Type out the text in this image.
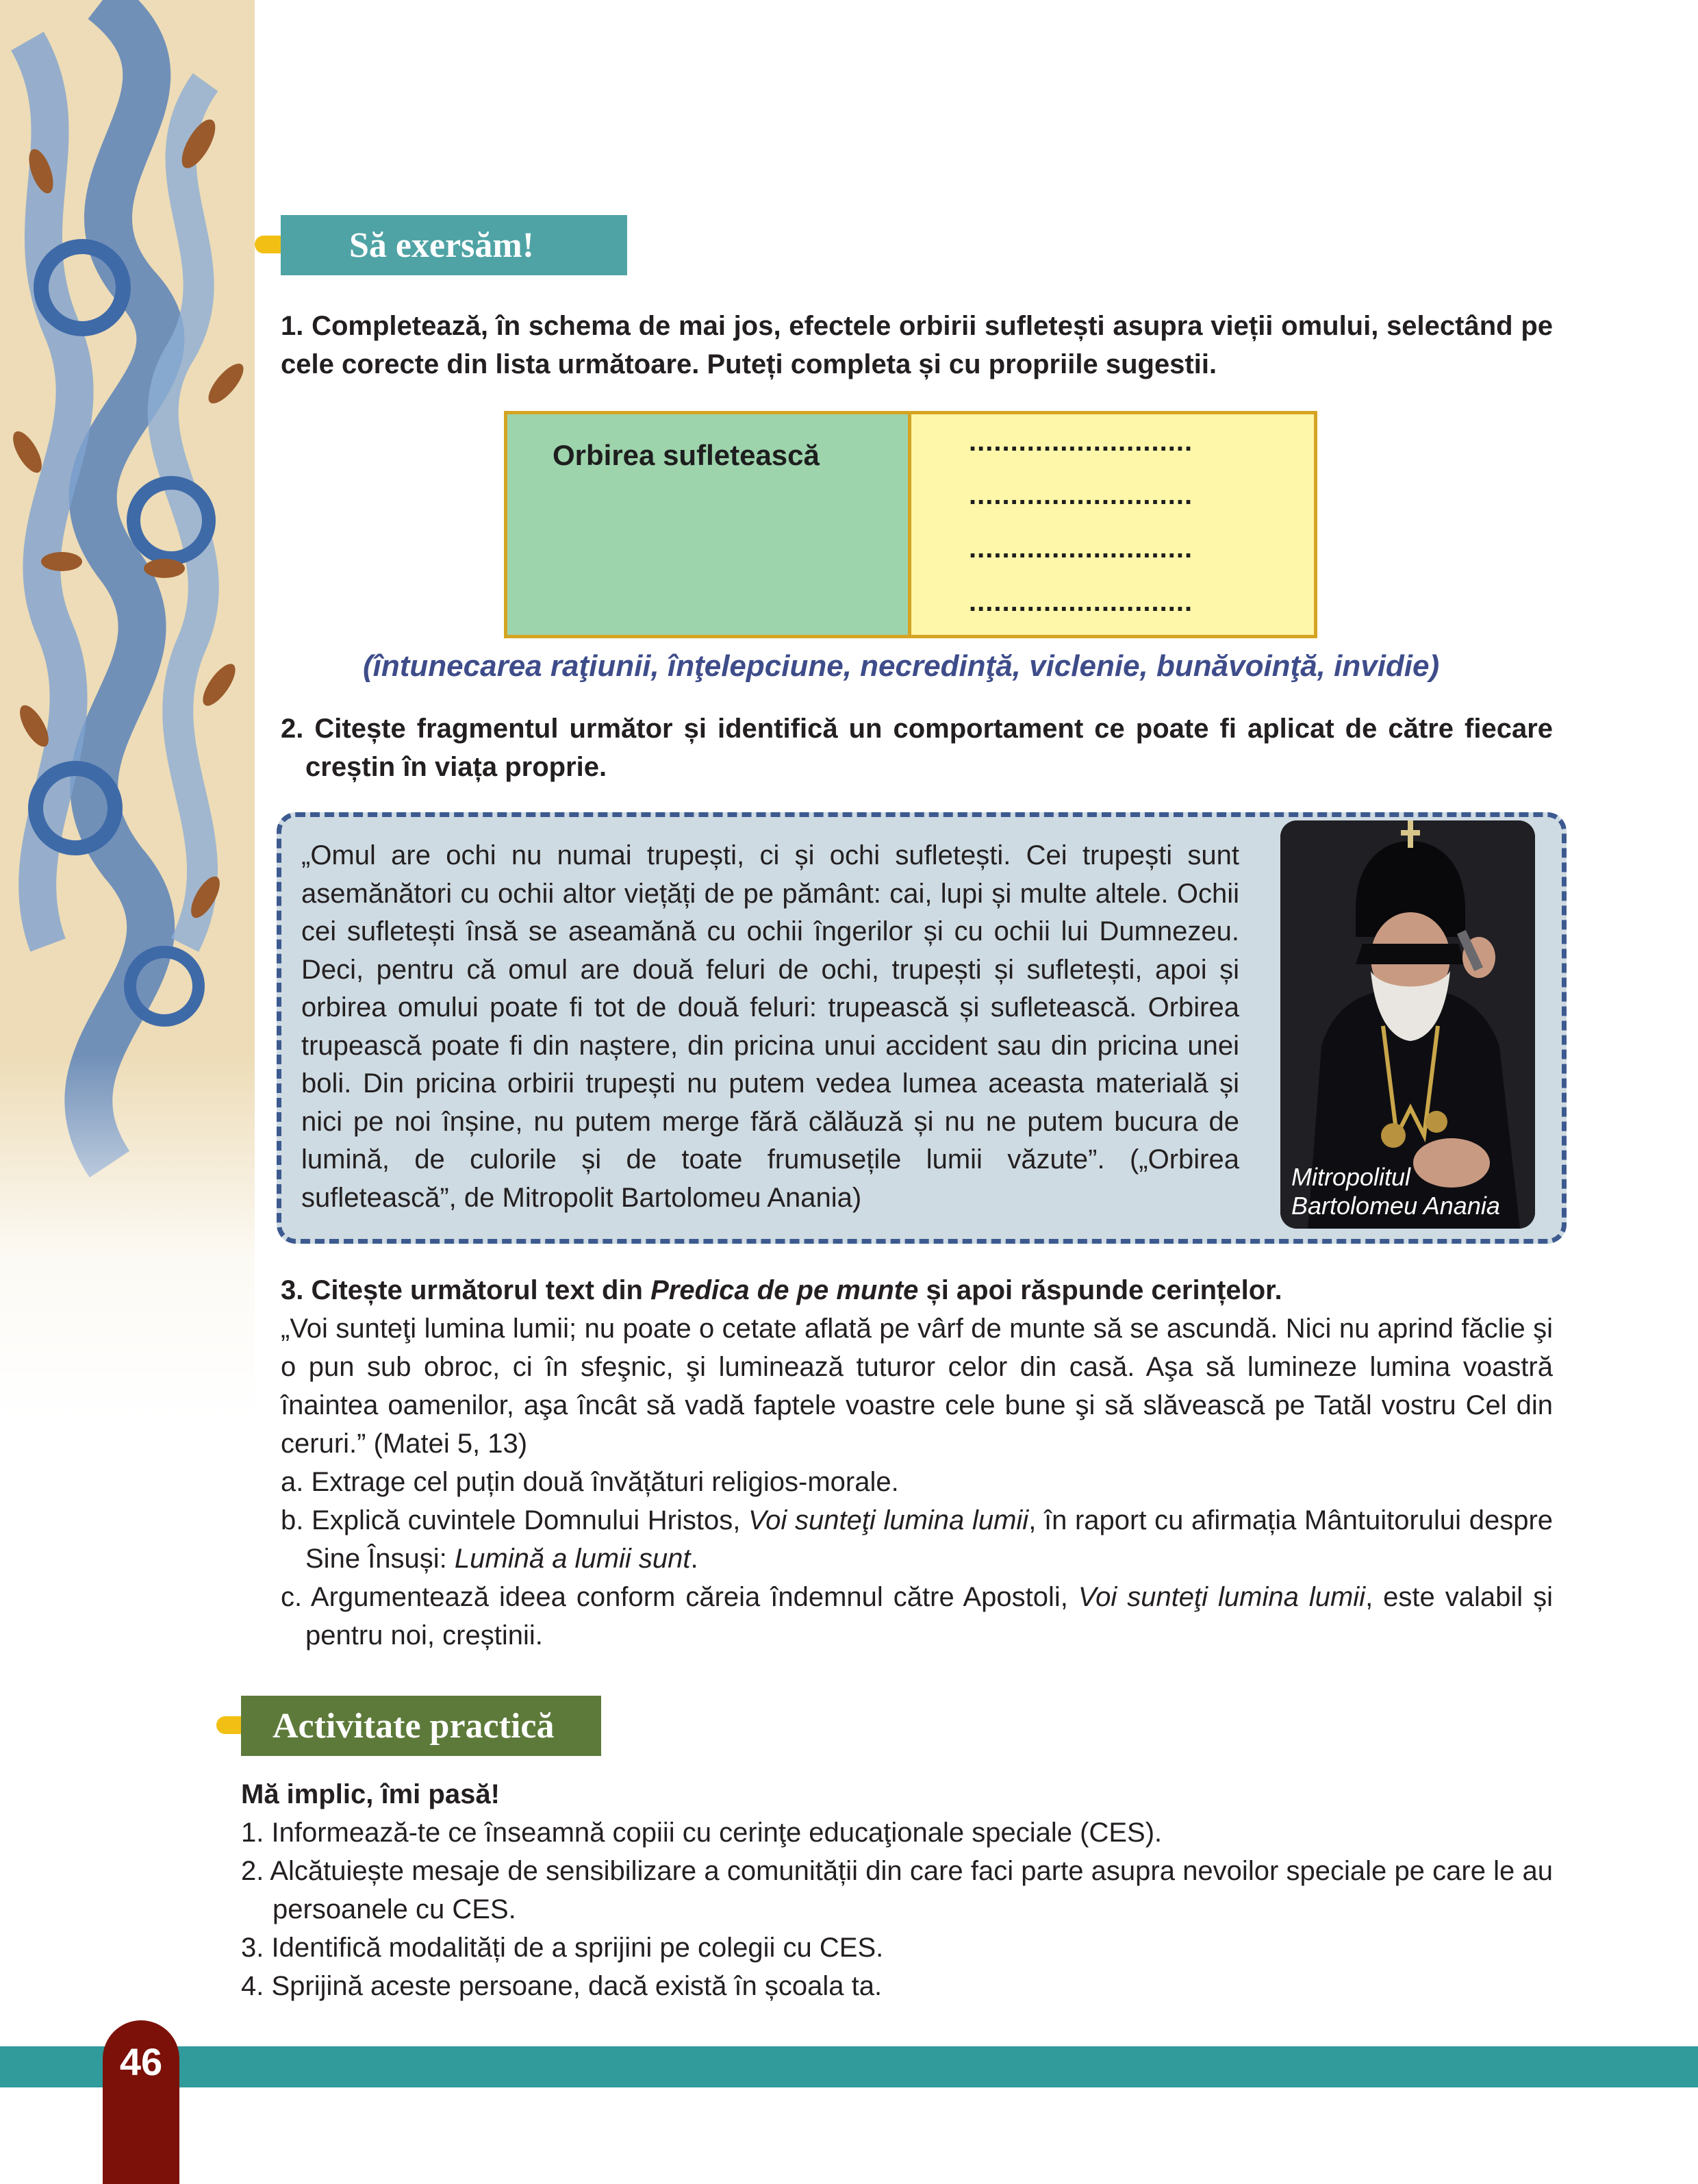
Să exersăm!
1. Completează, în schema de mai jos, efectele orbirii sufletești asupra vieții omului, selectând pe cele corecte din lista următoare. Puteți completa și cu propriile sugestii.
Orbirea sufletească	...........................
...........................
...........................
...........................
(întunecarea raţiunii, înţelepciune, necredinţă, viclenie, bunăvoinţă, invidie)
2. Citește fragmentul următor și identifică un comportament ce poate fi aplicat de către fiecare creștin în viața proprie.
„Omul are ochi nu numai trupești, ci și ochi sufletești. Cei trupești sunt asemănători cu ochii altor viețăți de pe pământ: cai, lupi și multe altele. Ochii cei sufletești însă se aseamănă cu ochii îngerilor și cu ochii lui Dumnezeu. Deci, pentru că omul are două feluri de ochi, trupești și sufletești, apoi și orbirea omului poate fi tot de două feluri: trupească și sufletească. Orbirea trupească poate fi din naștere, din pricina unui accident sau din pricina unei boli. Din pricina orbirii trupești nu putem vedea lumea aceasta materială și nici pe noi înșine, nu putem merge fără călăuză și nu ne putem bucura de lumină, de culorile și de toate frumusețile lumii văzute”. („Orbirea sufletească”, de Mitropolit Bartolomeu Anania)
Mitropolitul
Bartolomeu Anania
3. Citește următorul text din Predica de pe munte și apoi răspunde cerințelor.
„Voi sunteţi lumina lumii; nu poate o cetate aflată pe vârf de munte să se ascundă. Nici nu aprind făclie şi o pun sub obroc, ci în sfeşnic, şi luminează tuturor celor din casă. Aşa să lumineze lumina voastră înaintea oamenilor, aşa încât să vadă faptele voastre cele bune şi să slăvească pe Tatăl vostru Cel din ceruri.” (Matei 5, 13)
a. Extrage cel puțin două învățături religios-morale.
b. Explică cuvintele Domnului Hristos, Voi sunteţi lumina lumii, în raport cu afirmația Mântuitorului despre Sine Însuși: Lumină a lumii sunt.
c. Argumentează ideea conform căreia îndemnul către Apostoli, Voi sunteţi lumina lumii, este valabil și pentru noi, creștinii.
Activitate practică
Mă implic, îmi pasă!
1. Informează-te ce înseamnă copiii cu cerinţe educaţionale speciale (CES).
2. Alcătuiește mesaje de sensibilizare a comunității din care faci parte asupra nevoilor speciale pe care le au persoanele cu CES.
3. Identifică modalități de a sprijini pe colegii cu CES.
4. Sprijină aceste persoane, dacă există în școala ta.
46
